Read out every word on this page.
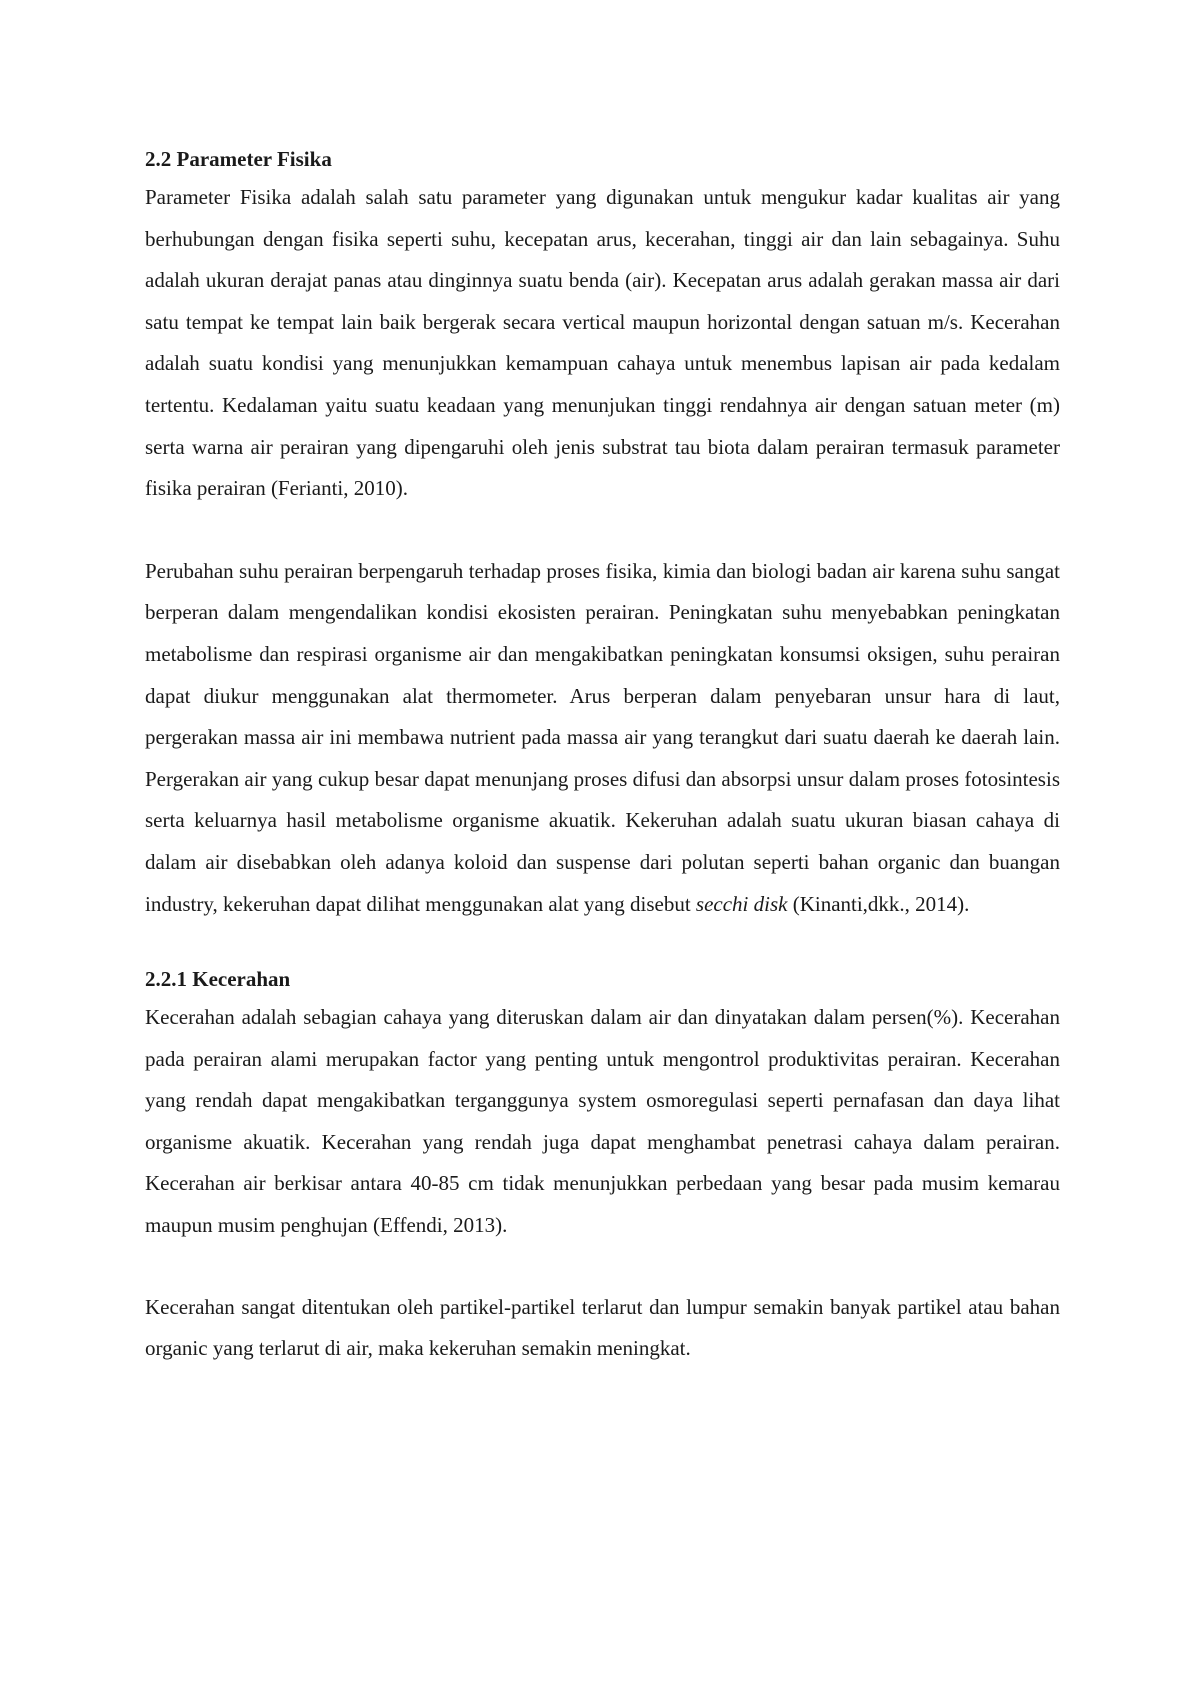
2.2 Parameter Fisika

Parameter Fisika adalah salah satu parameter yang digunakan untuk mengukur kadar kualitas air yang berhubungan dengan fisika seperti suhu, kecepatan arus, kecerahan, tinggi air dan lain sebagainya. Suhu adalah ukuran derajat panas atau dinginnya suatu benda (air). Kecepatan arus adalah gerakan massa air dari satu tempat ke tempat lain baik bergerak secara vertical maupun horizontal dengan satuan m/s. Kecerahan adalah suatu kondisi yang menunjukkan kemampuan cahaya untuk menembus lapisan air pada kedalam tertentu. Kedalaman yaitu suatu keadaan yang menunjukan tinggi rendahnya air dengan satuan meter (m) serta warna air perairan yang dipengaruhi oleh jenis substrat tau biota dalam perairan termasuk parameter fisika perairan (Ferianti, 2010).

Perubahan suhu perairan berpengaruh terhadap proses fisika, kimia dan biologi badan air karena suhu sangat berperan dalam mengendalikan kondisi ekosisten perairan. Peningkatan suhu menyebabkan peningkatan metabolisme dan respirasi organisme air dan mengakibatkan peningkatan konsumsi oksigen, suhu perairan dapat diukur menggunakan alat thermometer. Arus berperan dalam penyebaran unsur hara di laut, pergerakan massa air ini membawa nutrient pada massa air yang terangkut dari suatu daerah ke daerah lain. Pergerakan air yang cukup besar dapat menunjang proses difusi dan absorpsi unsur dalam proses fotosintesis serta keluarnya hasil metabolisme organisme akuatik. Kekeruhan adalah suatu ukuran biasan cahaya di dalam air disebabkan oleh adanya koloid dan suspense dari polutan seperti bahan organic dan buangan industry, kekeruhan dapat dilihat menggunakan alat yang disebut secchi disk (Kinanti,dkk., 2014).

2.2.1 Kecerahan

Kecerahan adalah sebagian cahaya yang diteruskan dalam air dan dinyatakan dalam persen(%). Kecerahan pada perairan alami merupakan factor yang penting untuk mengontrol produktivitas perairan. Kecerahan yang rendah dapat mengakibatkan terganggunya system osmoregulasi seperti pernafasan dan daya lihat organisme akuatik. Kecerahan yang rendah juga dapat menghambat penetrasi cahaya dalam perairan. Kecerahan air berkisar antara 40-85 cm tidak menunjukkan perbedaan yang besar pada musim kemarau maupun musim penghujan (Effendi, 2013).

Kecerahan sangat ditentukan oleh partikel-partikel terlarut dan lumpur semakin banyak partikel atau bahan organic yang terlarut di air, maka kekeruhan semakin meningkat.
